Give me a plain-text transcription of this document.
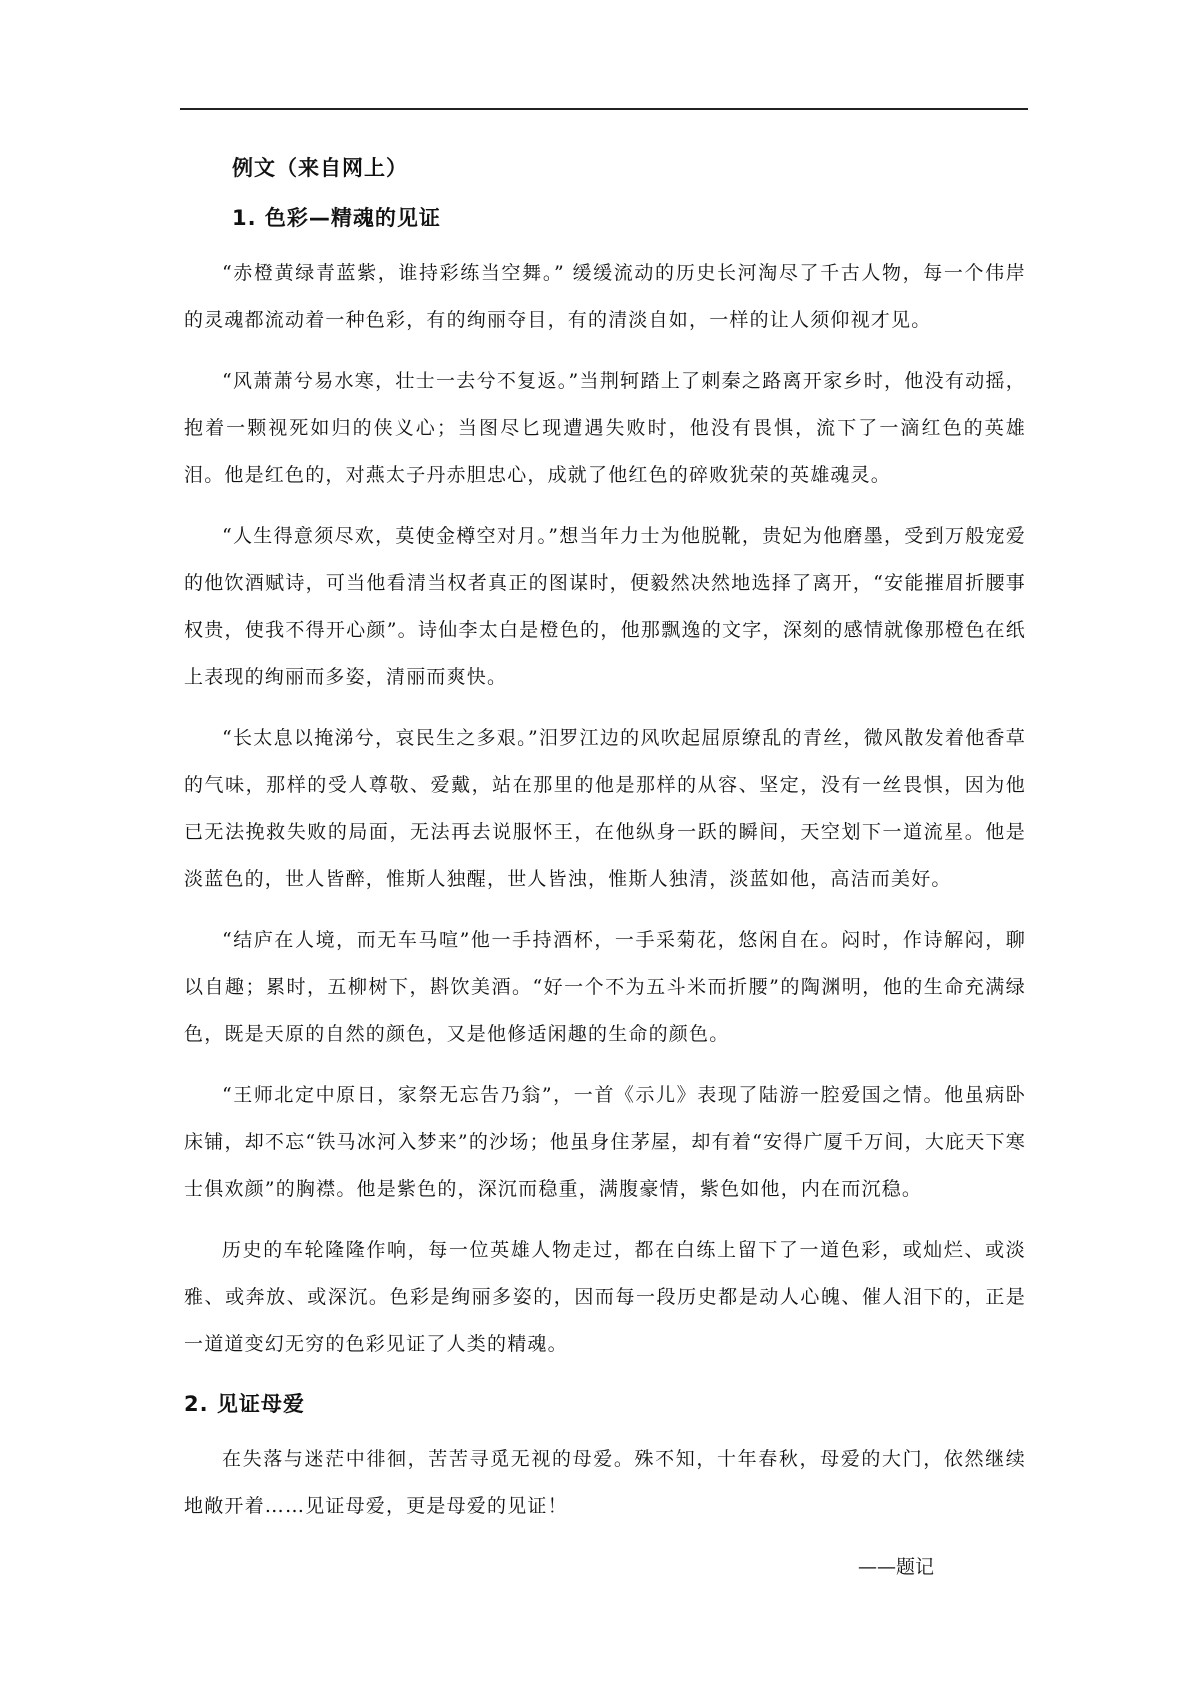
例文（来自网上）
1. 色彩—精魂的见证

“赤橙黄绿青蓝紫，谁持彩练当空舞。” 缓缓流动的历史长河淘尽了千古人物，每一个伟岸的灵魂都流动着一种色彩，有的绚丽夺目，有的清淡自如，一样的让人须仰视才见。

“风萧萧兮易水寒，壮士一去兮不复返。”当荆轲踏上了刺秦之路离开家乡时，他没有动摇，抱着一颗视死如归的侠义心；当图尽匕现遭遇失败时，他没有畏惧，流下了一滴红色的英雄泪。他是红色的，对燕太子丹赤胆忠心，成就了他红色的碎败犹荣的英雄魂灵。

“人生得意须尽欢，莫使金樽空对月。”想当年力士为他脱靴，贵妃为他磨墨，受到万般宠爱的他饮酒赋诗，可当他看清当权者真正的图谋时，便毅然决然地选择了离开，“安能摧眉折腰事权贵，使我不得开心颜”。诗仙李太白是橙色的，他那飘逸的文字，深刻的感情就像那橙色在纸上表现的绚丽而多姿，清丽而爽快。

“长太息以掩涕兮，哀民生之多艰。”汨罗江边的风吹起屈原缭乱的青丝，微风散发着他香草的气味，那样的受人尊敬、爱戴，站在那里的他是那样的从容、坚定，没有一丝畏惧，因为他已无法挽救失败的局面，无法再去说服怀王，在他纵身一跃的瞬间，天空划下一道流星。他是淡蓝色的，世人皆醉，惟斯人独醒，世人皆浊，惟斯人独清，淡蓝如他，高洁而美好。

“结庐在人境，而无车马喧”他一手持酒杯，一手采菊花，悠闲自在。闷时，作诗解闷，聊以自趣；累时，五柳树下，斟饮美酒。“好一个不为五斗米而折腰”的陶渊明，他的生命充满绿色，既是天原的自然的颜色，又是他修适闲趣的生命的颜色。

“王师北定中原日，家祭无忘告乃翁”，一首《示儿》表现了陆游一腔爱国之情。他虽病卧床铺，却不忘“铁马冰河入梦来”的沙场；他虽身住茅屋，却有着“安得广厦千万间，大庇天下寒士俱欢颜”的胸襟。他是紫色的，深沉而稳重，满腹豪情，紫色如他，内在而沉稳。

历史的车轮隆隆作响，每一位英雄人物走过，都在白练上留下了一道色彩，或灿烂、或淡雅、或奔放、或深沉。色彩是绚丽多姿的，因而每一段历史都是动人心魄、催人泪下的，正是一道道变幻无穷的色彩见证了人类的精魂。

2. 见证母爱

在失落与迷茫中徘徊，苦苦寻觅无视的母爱。殊不知，十年春秋，母爱的大门，依然继续地敞开着……见证母爱，更是母爱的见证！

——题记
